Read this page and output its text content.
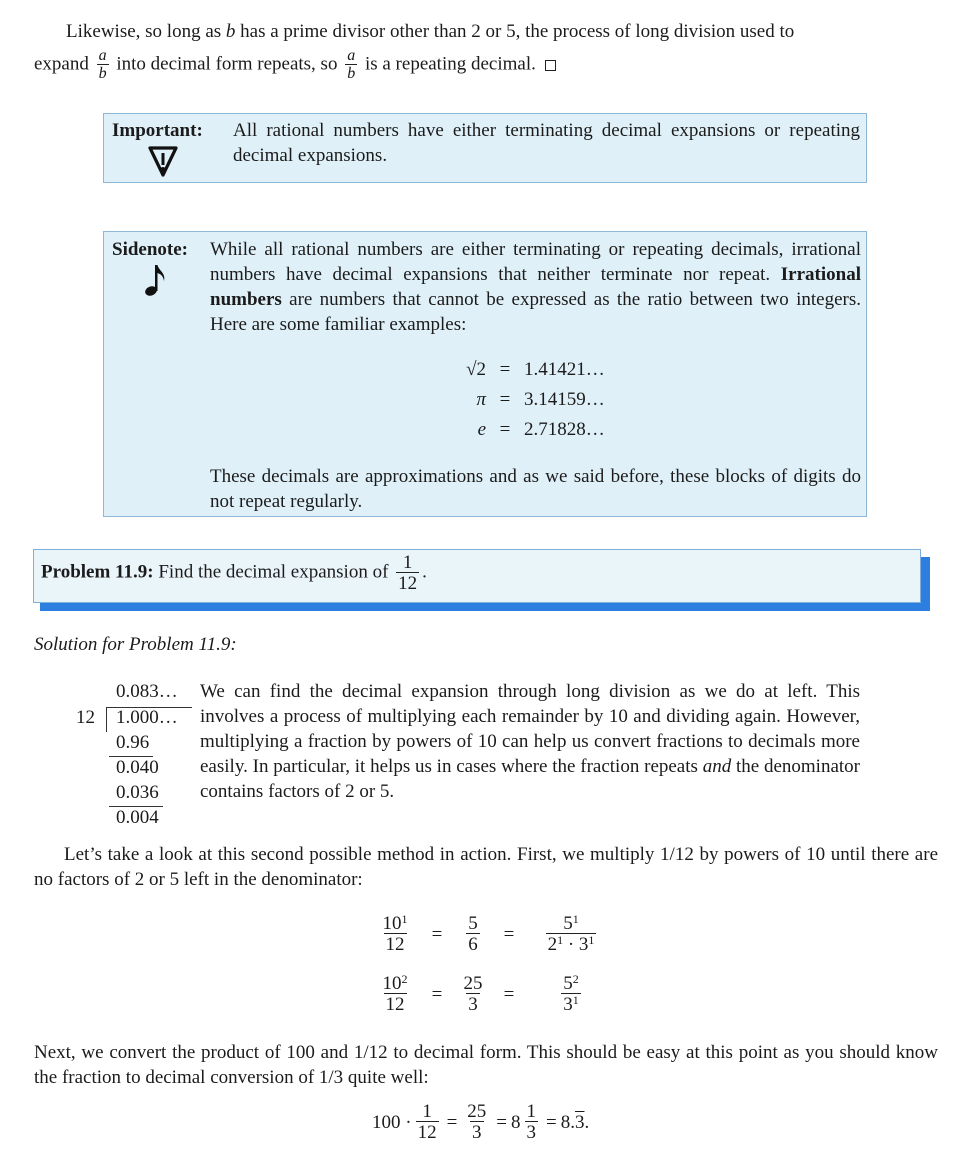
Likewise, so long as b has a prime divisor other than 2 or 5, the process of long division used to
expand $\frac{a}{b}$ into decimal form repeats, so $\frac{a}{b}$ is a repeating decimal.
Important: All rational numbers have either terminating decimal expansions or repeating decimal expansions.
Sidenote: While all rational numbers are either terminating or repeating decimals, irrational numbers have decimal expansions that neither terminate nor repeat. Irrational numbers are numbers that cannot be expressed as the ratio between two integers. Here are some familiar examples:
√2	=	1.41421…
π	=	3.14159…
e	=	2.71828…
These decimals are approximations and as we said before, these blocks of digits do not repeat regularly.
Problem 11.9: Find the decimal expansion of $\frac{1}{12}$ .
Solution for Problem 11.9:
0.083…
12 1.000…
0.96
0.040
0.036
0.004
We can find the decimal expansion through long division as we do at left. This involves a process of multiplying each remainder by 10 and dividing again. However, multiplying a fraction by powers of 10 can help us convert fractions to decimals more easily. In particular, it helps us in cases where the fraction repeats and the denominator contains factors of 2 or 5.
Let’s take a look at this second possible method in action. First, we multiply 1/12 by powers of 10 until there are no factors of 2 or 5 left in the denominator:
$\frac{10^1}{12}$	=	$\frac{5}{6}$	=	$\frac{5^1}{2^1 \cdot 3^1}$
$\frac{10^2}{12}$	=	$\frac{25}{3}$	=	$\frac{5^2}{3^1}$
Next, we convert the product of 100 and 1/12 to decimal form. This should be easy at this point as you should know the fraction to decimal conversion of 1/3 quite well:
$100 \cdot \frac{1}{12} = \frac{25}{3} = 8 \frac{1}{3} = 8$. 3 .
